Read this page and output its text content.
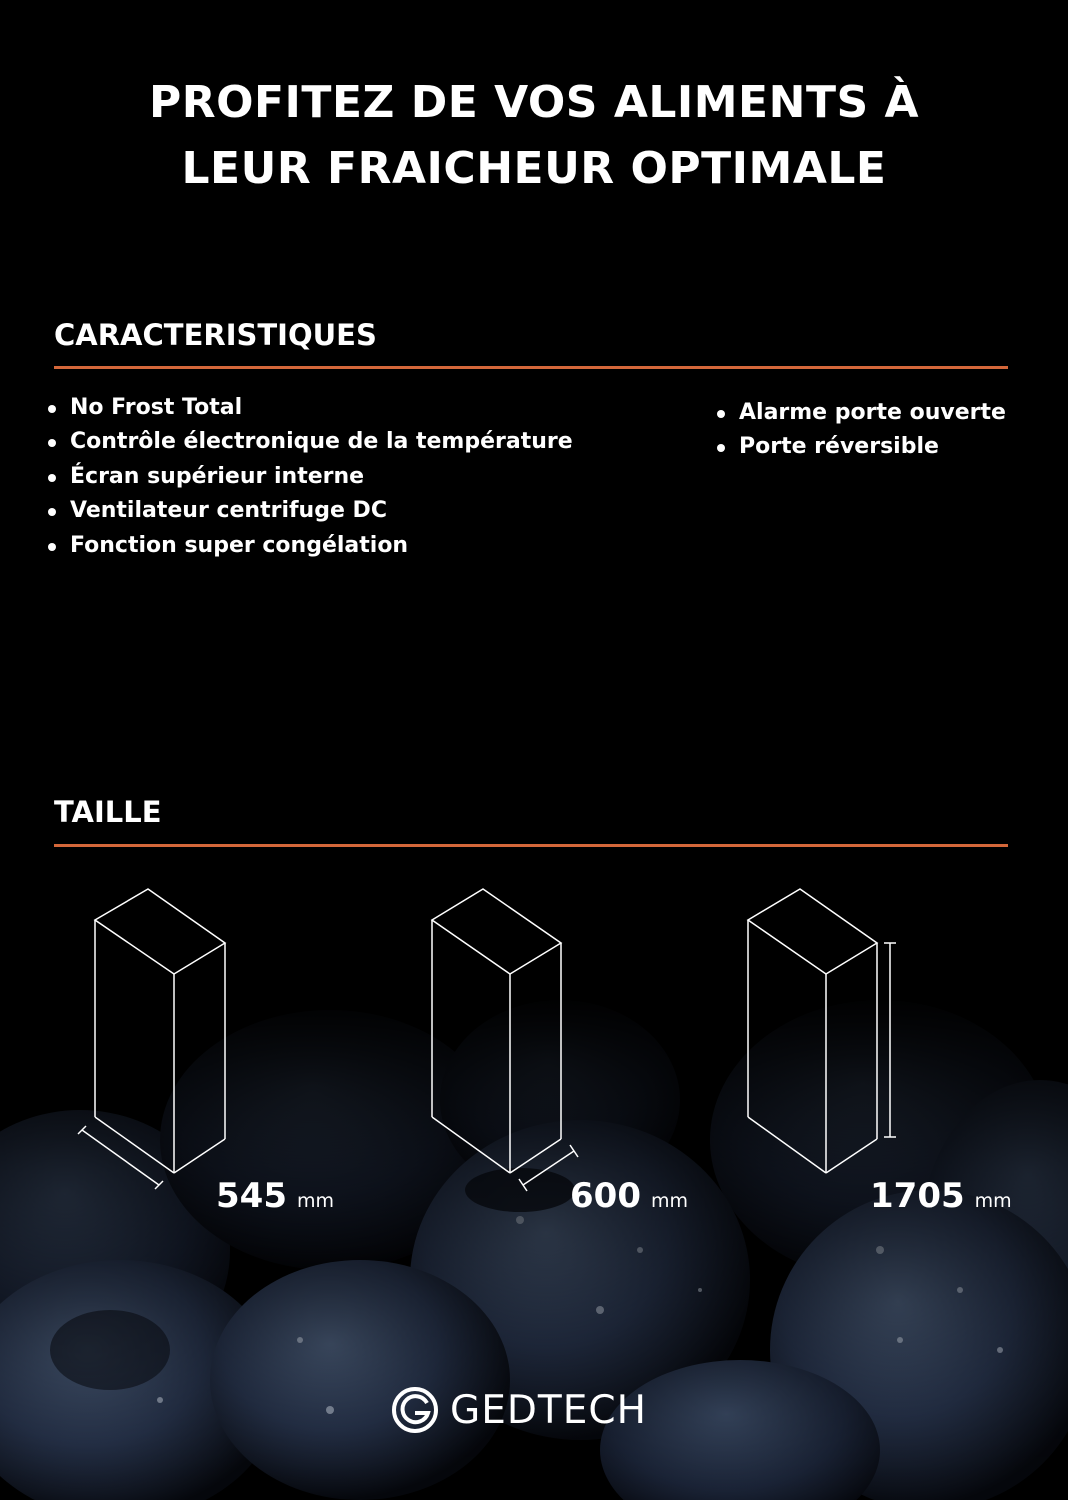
PROFITEZ DE VOS ALIMENTS À
LEUR FRAICHEUR OPTIMALE
CARACTERISTIQUES
No Frost Total
Contrôle électronique de la température
Écran supérieur interne
Ventilateur centrifuge DC
Fonction super congélation
Alarme porte ouverte
Porte réversible
TAILLE
545 mm	600 mm	1705 mm
GEDTECH
